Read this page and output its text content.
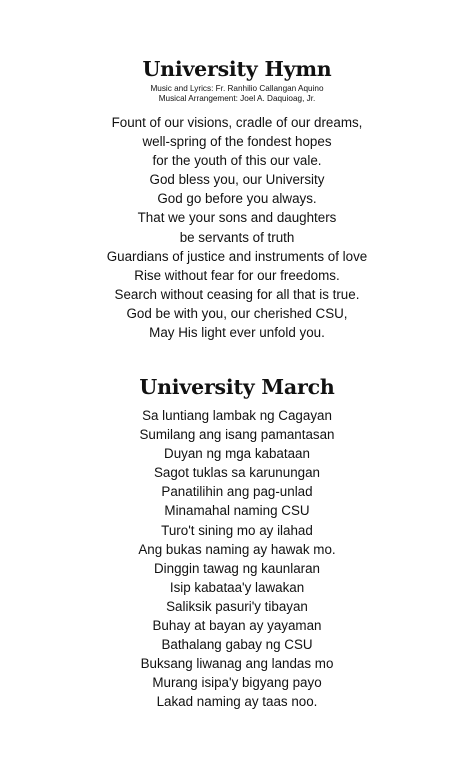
University Hymn
Music and Lyrics: Fr. Ranhilio Callangan Aquino
Musical Arrangement: Joel A. Daquioag, Jr.
Fount of our visions, cradle of our dreams,
well-spring of the fondest hopes
for the youth of this our vale.
God bless you, our University
God go before you always.
That we your sons and daughters
be servants of truth
Guardians of justice and instruments of love
Rise without fear for our freedoms.
Search without ceasing for all that is true.
God be with you, our cherished CSU,
May His light ever unfold you.
University March
Sa luntiang lambak ng Cagayan
Sumilang ang isang pamantasan
Duyan ng mga kabataan
Sagot tuklas sa karunungan
Panatilihin ang pag-unlad
Minamahal naming CSU
Turo't sining mo ay ilahad
Ang bukas naming ay hawak mo.
Dinggin tawag ng kaunlaran
Isip kabataa'y lawakan
Saliksik pasuri'y tibayan
Buhay at bayan ay yayaman
Bathalang gabay ng CSU
Buksang liwanag ang landas mo
Murang isipa'y bigyang payo
Lakad naming ay taas noo.
